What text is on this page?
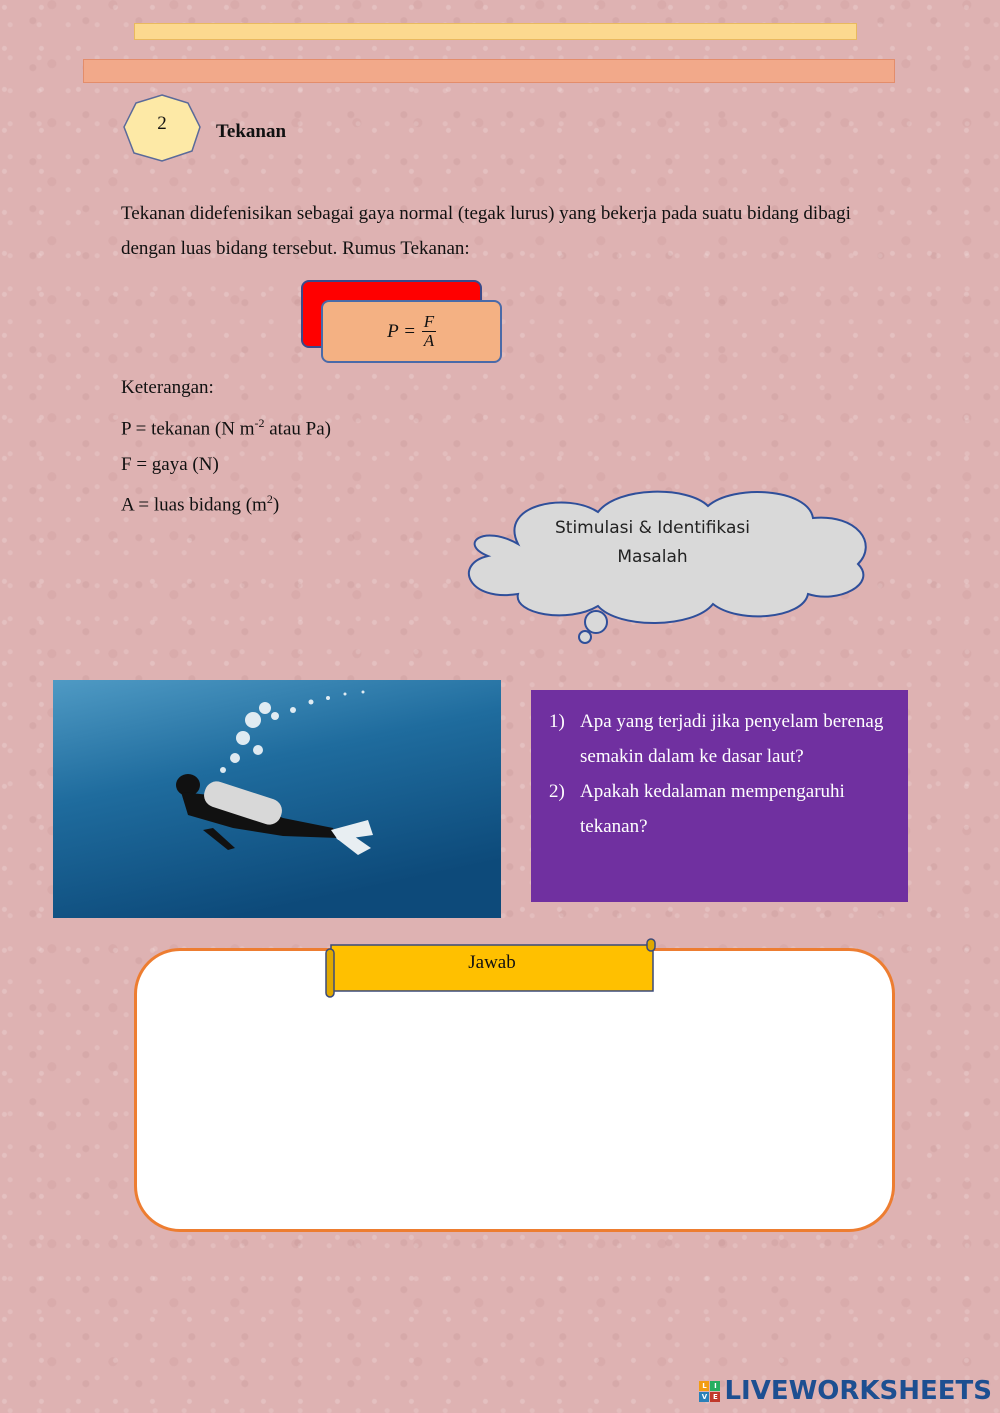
2	Tekanan
Tekanan didefenisikan sebagai gaya normal (tegak lurus) yang bekerja pada suatu bidang dibagi dengan luas bidang tersebut. Rumus Tekanan:
$P = \frac{F}{A}$
Keterangan:
P = tekanan (N $m^{-2}$ atau Pa)
F = gaya (N)
A = luas bidang $(m^2)$
Stimulasi & Identifikasi
Masalah
1) Apa yang terjadi jika penyelam berenag semakin dalam ke dasar laut?
2) Apakah kedalaman mempengaruhi tekanan?
Jawab
L	I
V E LIVEWORKSHEETS
